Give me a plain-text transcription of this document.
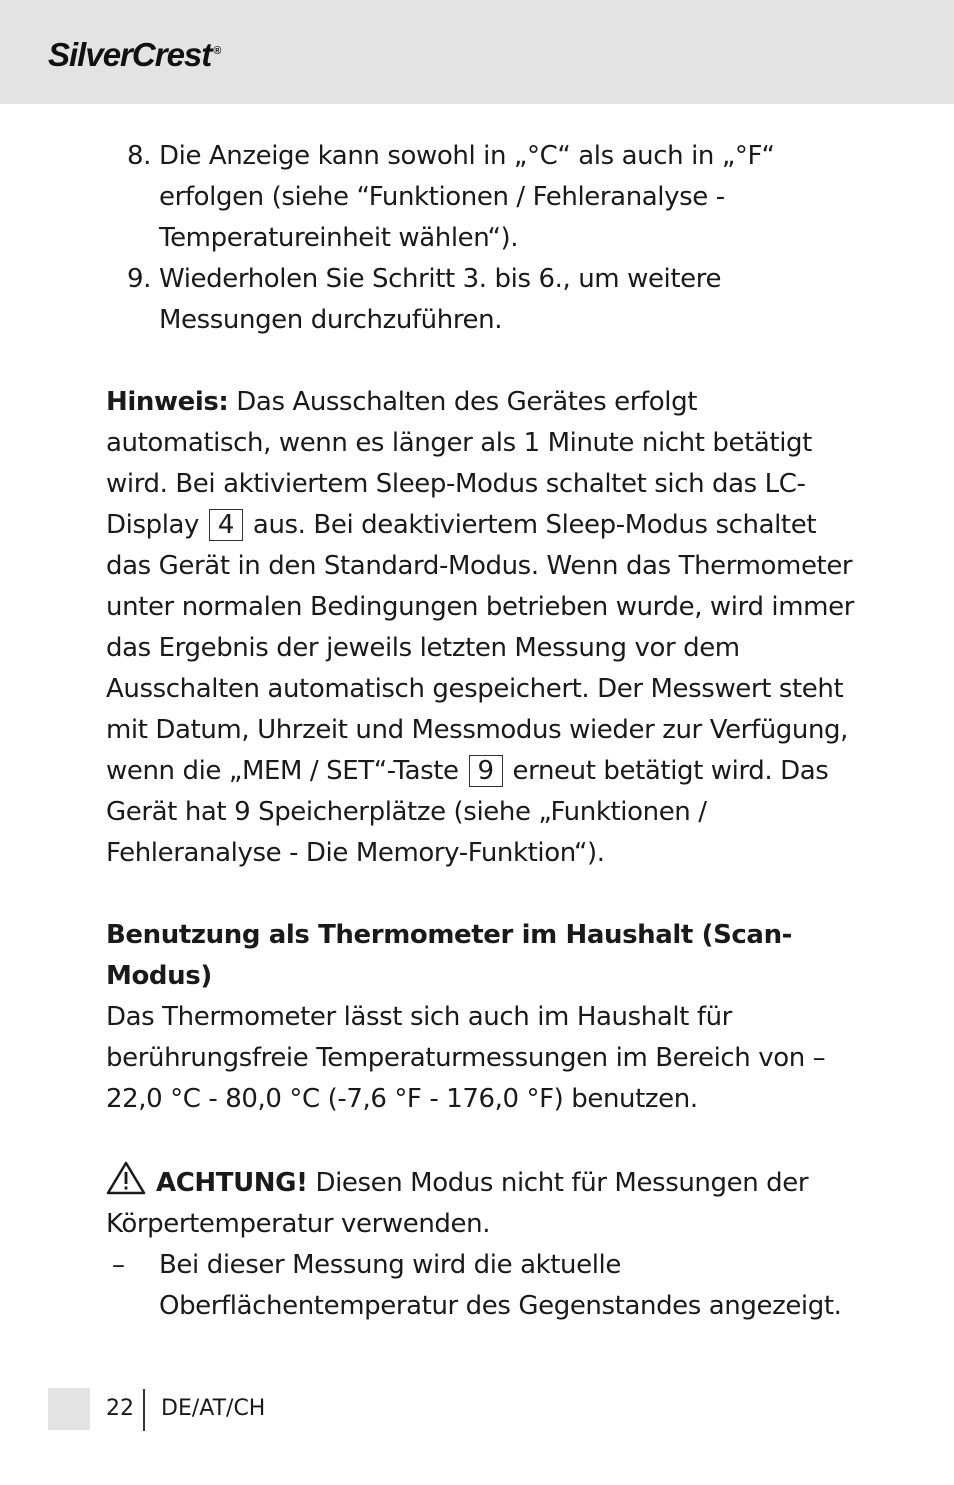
SilverCrest ®
8. Die Anzeige kann sowohl in „°C“ als auch in „°F“ erfolgen (siehe “Funktionen / Fehleranalyse - Temperatureinheit wählen“).
9. Wiederholen Sie Schritt 3. bis 6., um weitere Messungen durchzuführen.

Hinweis: Das Ausschalten des Gerätes erfolgt automatisch, wenn es länger als 1 Minute nicht betätigt wird. Bei aktiviertem Sleep-Modus schaltet sich das LC-Display 4 aus. Bei deaktiviertem Sleep-Modus schaltet das Gerät in den Standard-Modus. Wenn das Thermometer unter normalen Bedingungen betrieben wurde, wird immer das Ergebnis der jeweils letzten Messung vor dem Ausschalten automatisch gespeichert. Der Messwert steht mit Datum, Uhrzeit und Messmodus wieder zur Verfügung, wenn die „MEM / SET“-Taste 9 erneut betätigt wird. Das Gerät hat 9 Speicherplätze (siehe „Funktionen / Fehleranalyse - Die Memory-Funktion“).

Benutzung als Thermometer im Haushalt (Scan-Modus)

Das Thermometer lässt sich auch im Haushalt für berührungsfreie Temperaturmessungen im Bereich von –22,0 °C - 80,0 °C (-7,6 °F - 176,0 °F) benutzen.

ACHTUNG! Diesen Modus nicht für Messungen der Körpertemperatur verwenden.

– Bei dieser Messung wird die aktuelle Oberflächentemperatur des Gegenstandes angezeigt.
22 DE/AT/CH
